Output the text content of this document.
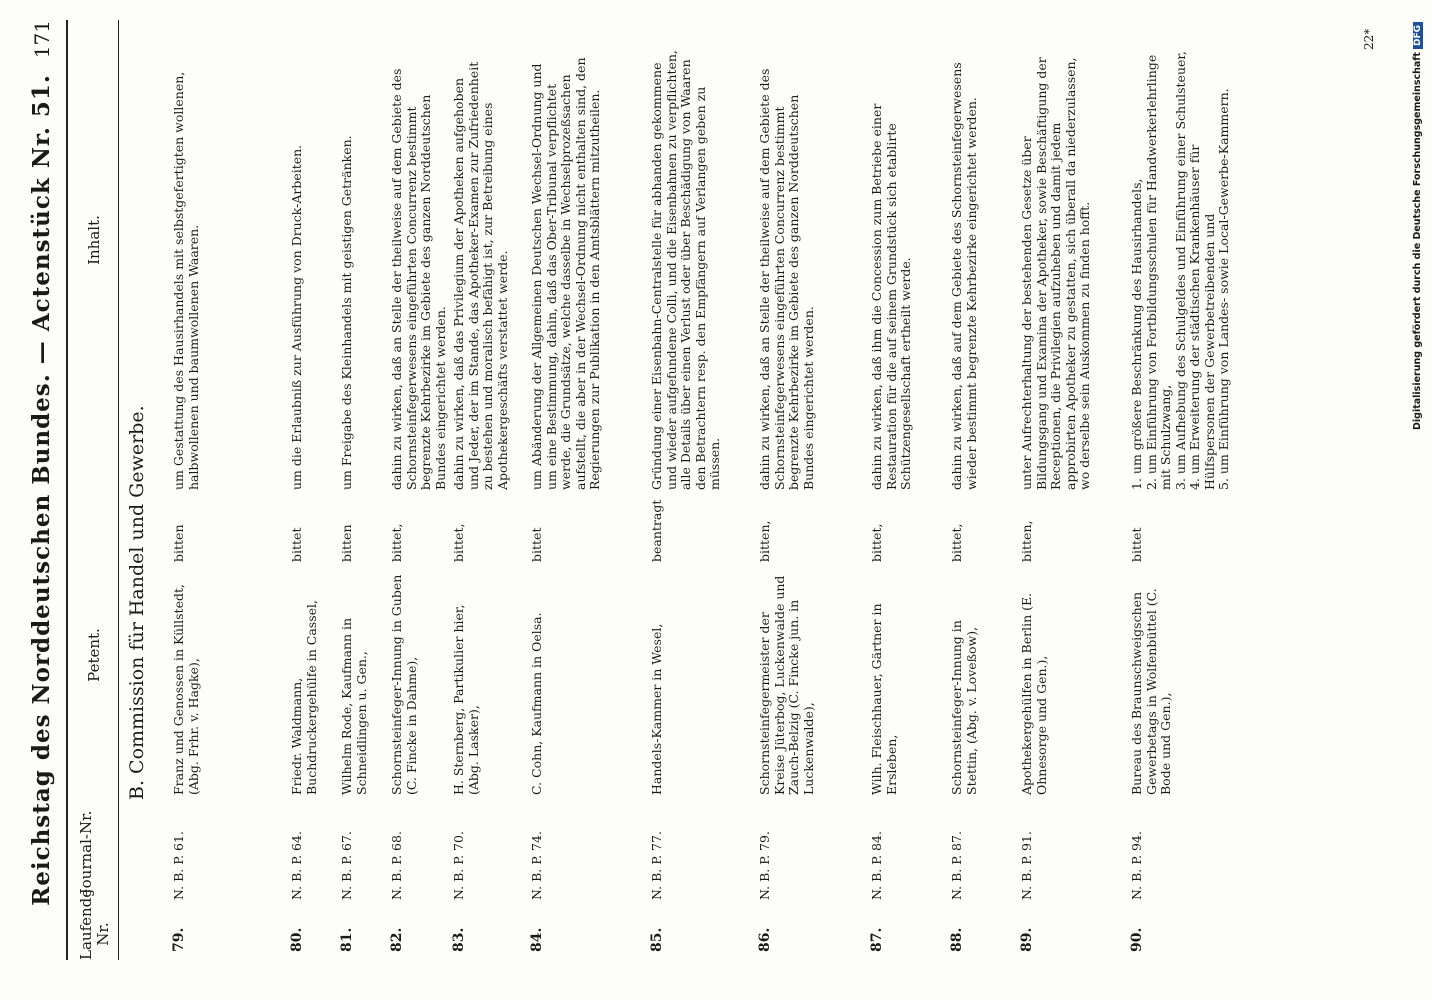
Reichstag des Norddeutschen Bundes. — Actenstück Nr. 51.
171
Laufende Nr.
Journal-Nr.
Petent.
Inhalt.
B. Commission für Handel und Gewerbe.
79.
N. B. P. 61.
Franz und Genossen in Küllstedt, (Abg. Frhr. v. Hagke),
bitten
um Gestattung des Hausirhandels mit selbstgefertigten wollenen, halbwollenen und baumwollenen Waaren.
80.
N. B. P. 64.
Friedr. Waldmann, Buchdruckergehülfe in Cassel,
bittet
um die Erlaubniß zur Ausführung von Druck-Arbeiten.
81.
N. B. P. 67.
Wilhelm Rode, Kaufmann in Schneidlingen u. Gen.,
bitten
um Freigabe des Kleinhandels mit geistigen Getränken.
82.
N. B. P. 68.
Schornsteinfeger-Innung in Guben (C. Fincke in Dahme),
bittet,
dahin zu wirken, daß an Stelle der theilweise auf dem Gebiete des Schornsteinfegerwesens eingeführten Concurrenz bestimmt begrenzte Kehrbezirke im Gebiete des ganzen Norddeutschen Bundes eingerichtet werden.
83.
N. B. P. 70.
H. Sternberg, Partikulier hier, (Abg. Lasker),
bittet,
dahin zu wirken, daß das Privilegium der Apotheken aufgehoben und Jeder, der im Stande, das Apotheker-Examen zur Zufriedenheit zu bestehen und moralisch befähigt ist, zur Betreibung eines Apothekergeschäfts verstattet werde.
84.
N. B. P. 74.
C. Cohn, Kaufmann in Oelsa.
bittet
um Abänderung der Allgemeinen Deutschen Wechsel-Ordnung und um eine Bestimmung, dahin, daß das Ober-Tribunal verpflichtet werde, die Grundsätze, welche dasselbe in Wechselprozeßsachen aufstellt, die aber in der Wechsel-Ordnung nicht enthalten sind, den Regierungen zur Publikation in den Amtsblättern mitzutheilen.
85.
N. B. P. 77.
Handels-Kammer in Wesel,
beantragt
Gründung einer Eisenbahn-Centralstelle für abhanden gekommene und wieder aufgefundene Colli, und die Eisenbahnen zu verpflichten, alle Details über einen Verlust oder über Beschädigung von Waaren den Betrachtern resp. den Empfängern auf Verlangen geben zu müssen.
86.
N. B. P. 79.
Schornsteinfegermeister der Kreise Jüterbog, Luckenwalde und Zauch-Belzig (C. Fincke jun. in Luckenwalde),
bitten,
dahin zu wirken, daß an Stelle der theilweise auf dem Gebiete des Schornsteinfegerwesens eingeführten Concurrenz bestimmt begrenzte Kehrbezirke im Gebiete des ganzen Norddeutschen Bundes eingerichtet werden.
87.
N. B. P. 84.
Wilh. Fleischhauer, Gärtner in Ersleben,
bittet,
dahin zu wirken, daß ihm die Concession zum Betriebe einer Restauration für die auf seinem Grundstück sich etablirte Schützengesellschaft ertheilt werde.
88.
N. B. P. 87.
Schornsteinfeger-Innung in Stettin, (Abg. v. Loveßow),
bittet,
dahin zu wirken, daß auf dem Gebiete des Schornsteinfegerwesens wieder bestimmt begrenzte Kehrbezirke eingerichtet werden.
89.
N. B. P. 91.
Apothekergehülfen in Berlin (E. Ohnesorge und Gen.),
bitten,
unter Aufrechterhaltung der bestehenden Gesetze über Bildungsgang und Examina der Apotheker, sowie Beschäftigung der Receptionen, die Privilegien aufzuheben und damit jedem approbirten Apotheker zu gestatten, sich überall da niederzulassen, wo derselbe sein Auskommen zu finden hofft.
90.
N. B. P. 94.
Bureau des Braunschweigschen Gewerbetags in Wolfenbüttel (C. Bode und Gen.),
bittet
1. um größere Beschränkung des Hausirhandels, 2. um Einführung von Fortbildungsschulen für Handwerkerlehrlinge mit Schulzwang, 3. um Aufhebung des Schulgeldes und Einführung einer Schulsteuer, 4. um Erweiterung der städtischen Krankenhäuser für Hülfspersonen der Gewerbetreibenden und 5. um Einführung von Landes- sowie Local-Gewerbe-Kammern.
22*
Digitalisierung gefördert durch die Deutsche ForschungsgemeinschaftDFG
